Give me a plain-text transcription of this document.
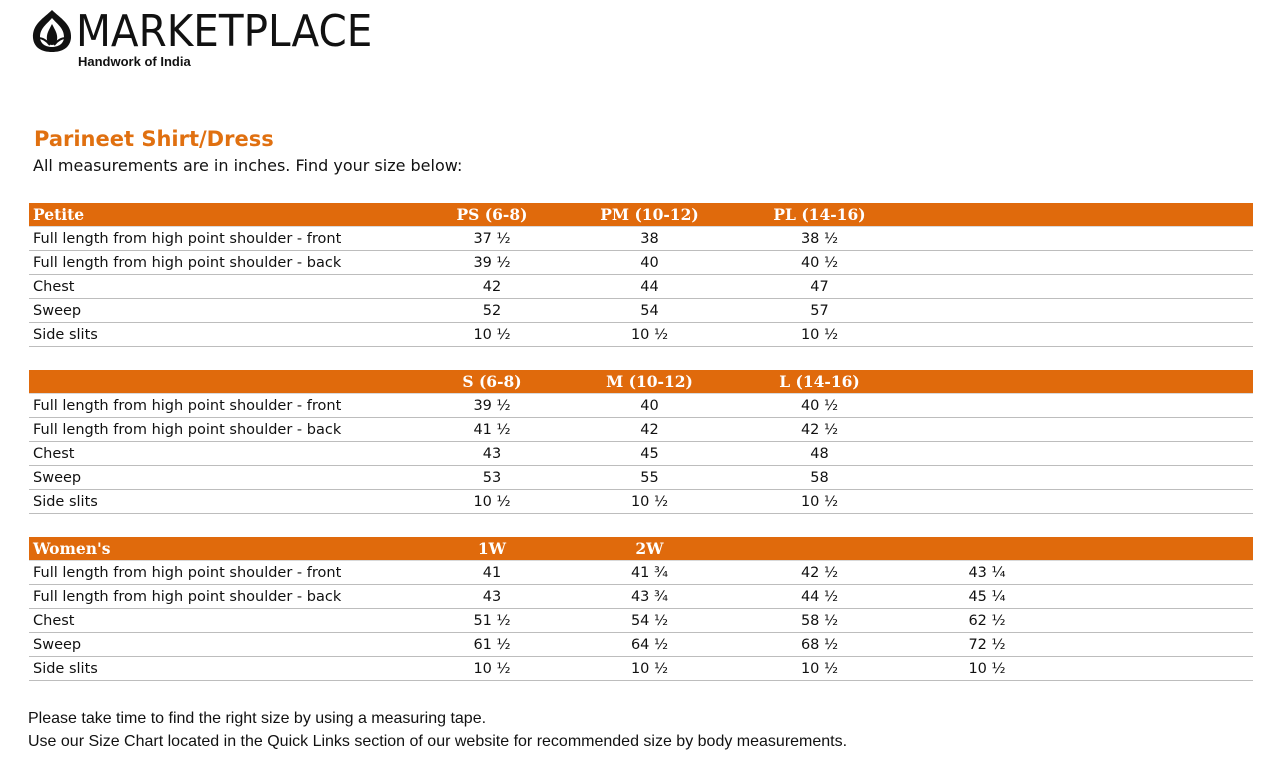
MARKETPLACE
Handwork of India
Parineet Shirt/Dress
All measurements are in inches. Find your size below:
Petite	PS (6-8)	PM (10-12)	PL (14-16)		
Full length from high point shoulder - front	37 ½	38	38 ½		
Full length from high point shoulder - back	39 ½	40	40 ½		
Chest	42	44	47		
Sweep	52	54	57		
Side slits	10 ½	10 ½	10 ½		
	S (6-8)	M (10-12)	L (14-16)		
Full length from high point shoulder - front	39 ½	40	40 ½		
Full length from high point shoulder - back	41 ½	42	42 ½		
Chest	43	45	48		
Sweep	53	55	58		
Side slits	10 ½	10 ½	10 ½		
Women's	1W	2W			
Full length from high point shoulder - front	41	41 ¾	42 ½	43 ¼	
Full length from high point shoulder - back	43	43 ¾	44 ½	45 ¼	
Chest	51 ½	54 ½	58 ½	62 ½	
Sweep	61 ½	64 ½	68 ½	72 ½	
Side slits	10 ½	10 ½	10 ½	10 ½	
Please take time to find the right size by using a measuring tape.
Use our Size Chart located in the Quick Links section of our website for recommended size by body measurements.
